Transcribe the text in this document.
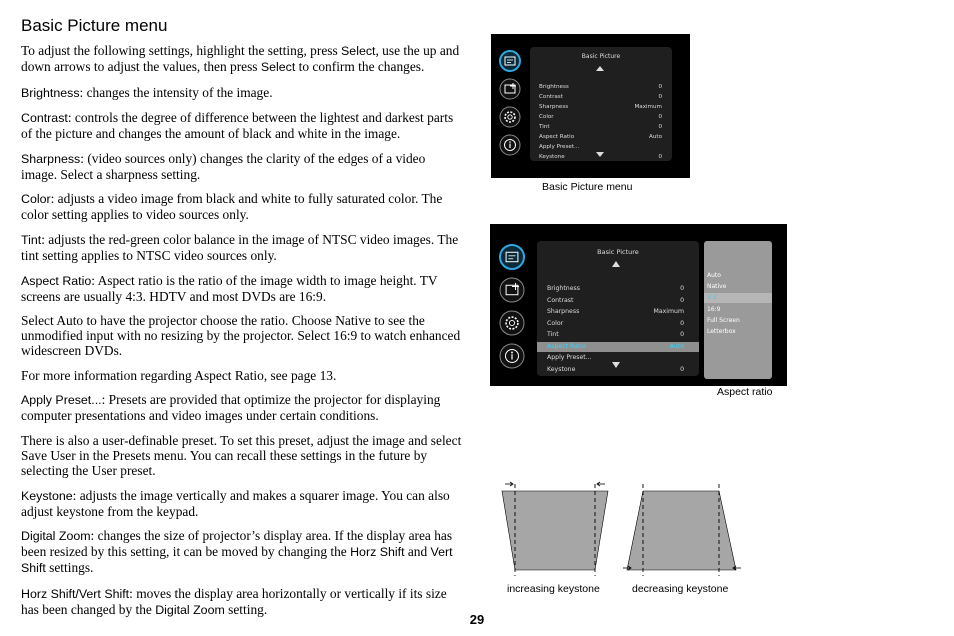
Basic Picture menu

To adjust the following settings, highlight the setting, press Select, use the up and down arrows to adjust the values, then press Select to confirm the changes.

Brightness: changes the intensity of the image.

Contrast: controls the degree of difference between the lightest and darkest parts of the picture and changes the amount of black and white in the image.

Sharpness: (video sources only) changes the clarity of the edges of a video image. Select a sharpness setting.

Color: adjusts a video image from black and white to fully saturated color. The color setting applies to video sources only.

Tint: adjusts the red-green color balance in the image of NTSC video images. The tint setting applies to NTSC video sources only.

Aspect Ratio: Aspect ratio is the ratio of the image width to image height. TV screens are usually 4:3. HDTV and most DVDs are 16:9.

Select Auto to have the projector choose the ratio. Choose Native to see the unmodified input with no resizing by the projector. Select 16:9 to watch enhanced widescreen DVDs.

For more information regarding Aspect Ratio, see page 13.

Apply Preset...: Presets are provided that optimize the projector for displaying computer presentations and video images under certain conditions.

There is also a user-definable preset. To set this preset, adjust the image and select Save User in the Presets menu. You can recall these settings in the future by selecting the User preset.

Keystone: adjusts the image vertically and makes a squarer image. You can also adjust keystone from the keypad.

Digital Zoom: changes the size of projector’s display area. If the display area has been resized by this setting, it can be moved by changing the Horz Shift and Vert Shift settings.

Horz Shift/Vert Shift: moves the display area horizontally or vertically if its size has been changed by the Digital Zoom setting.

Basic Picture
Brightness	0
Contrast	0
Sharpness	Maximum
Color	0
Tint	0
Aspect Ratio	Auto
Apply Preset...
Keystone	0
Basic Picture menu
Basic Picture
Brightness	0
Contrast	0
Sharpness	Maximum
Color	0
Tint	0
Aspect Ratio	Auto
Apply Preset...
Keystone	0
Auto
Native
4:3
16:9
Full Screen
Letterbox
Aspect ratio
increasing keystone	decreasing keystone
29
